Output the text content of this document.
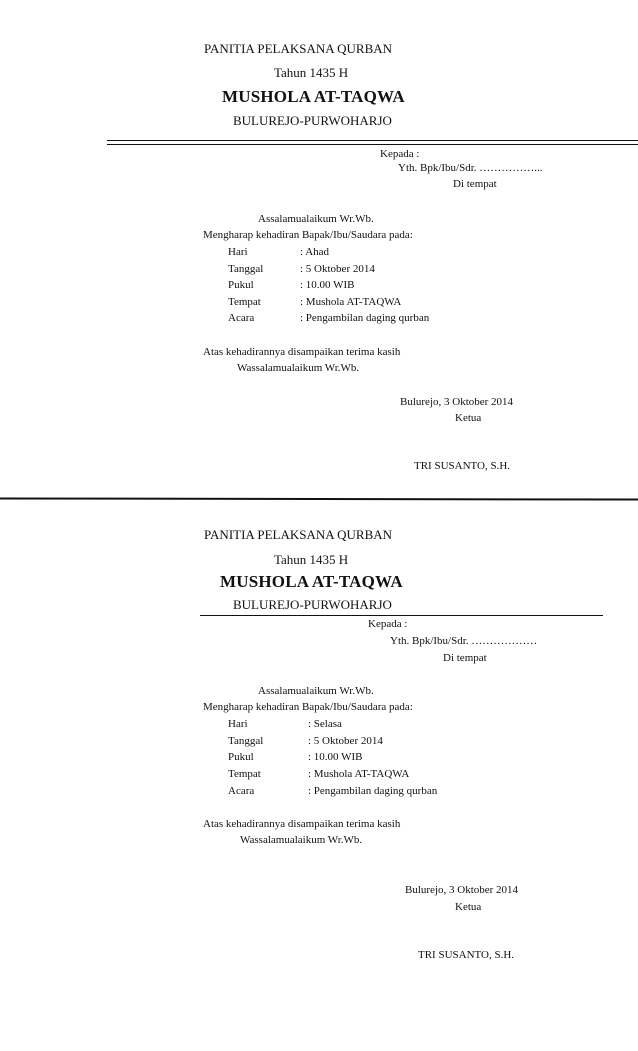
PANITIA PELAKSANA QURBAN
Tahun 1435 H
MUSHOLA AT-TAQWA
BULUREJO-PURWOHARJO
Kepada :
Yth. Bpk/Ibu/Sdr. ……………...
Di tempat
Assalamualaikum Wr.Wb.
Mengharap kehadiran Bapak/Ibu/Saudara pada:
Hari	: Ahad
Tanggal	: 5 Oktober 2014
Pukul	: 10.00 WIB
Tempat	: Mushola AT-TAQWA
Acara	: Pengambilan daging qurban
Atas kehadirannya disampaikan terima kasih
Wassalamualaikum Wr.Wb.
Bulurejo, 3 Oktober 2014
Ketua
TRI SUSANTO, S.H.
PANITIA PELAKSANA QURBAN
Tahun 1435 H
MUSHOLA AT-TAQWA
BULUREJO-PURWOHARJO
Kepada :
Yth. Bpk/Ibu/Sdr. ………………
Di tempat
Assalamualaikum Wr.Wb.
Mengharap kehadiran Bapak/Ibu/Saudara pada:
Hari	: Selasa
Tanggal	: 5 Oktober 2014
Pukul	: 10.00 WIB
Tempat	: Mushola AT-TAQWA
Acara	: Pengambilan daging qurban
Atas kehadirannya disampaikan terima kasih
Wassalamualaikum Wr.Wb.
Bulurejo, 3 Oktober 2014
Ketua
TRI SUSANTO, S.H.
